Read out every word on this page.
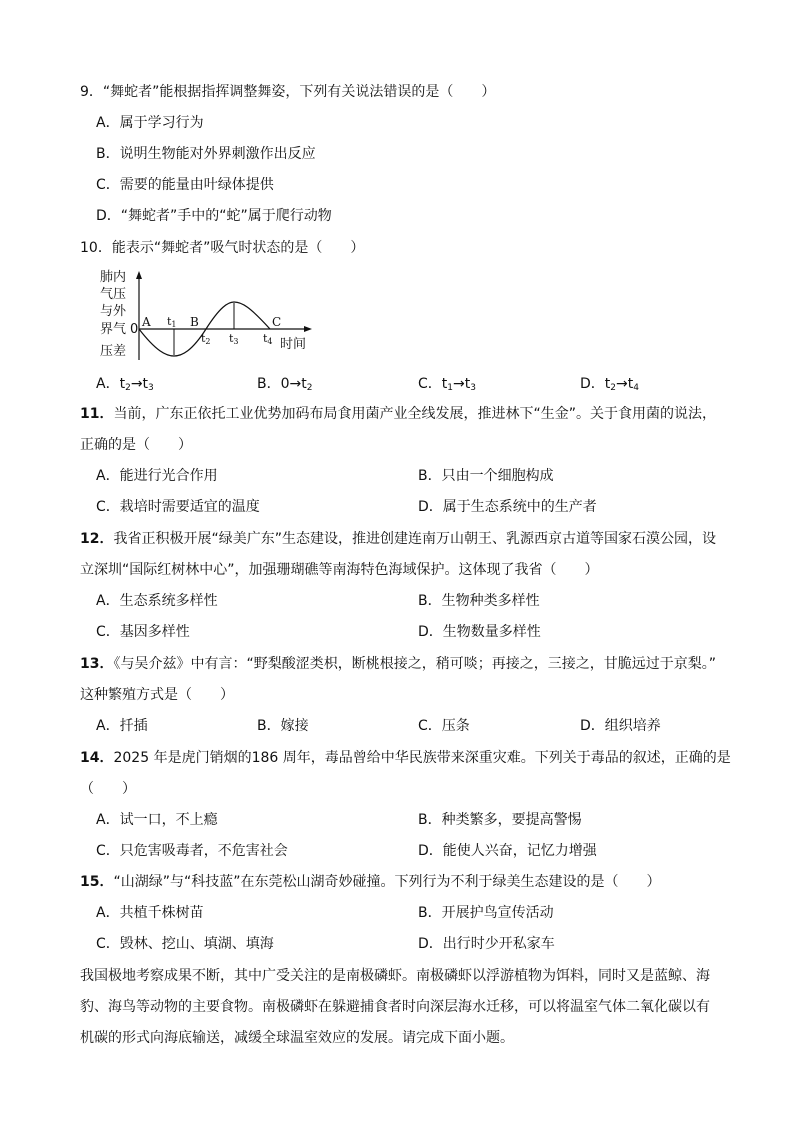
9．“舞蛇者”能根据指挥调整舞姿，下列有关说法错误的是（　　）
A．属于学习行为
B．说明生物能对外界刺激作出反应
C．需要的能量由叶绿体提供
D．“舞蛇者”手中的“蛇”属于爬行动物
10．能表示“舞蛇者”吸气时状态的是（　　）
肺内
气压
与外
界气
压差
0 A	B	C
t1
t2 t3 t4 时间
A．$t_2\to t_3$	B．$0\to t_2$	C．$t_1\to t_3$	D．$t_2\to t_4$
11．当前，广东正依托工业优势加码布局食用菌产业全线发展，推进林下“生金”。关于食用菌的说法，
正确的是（　　）
A．能进行光合作用	B．只由一个细胞构成
C．栽培时需要适宜的温度	D．属于生态系统中的生产者
12．我省正积极开展“绿美广东”生态建设，推进创建连南万山朝王、乳源西京古道等国家石漠公园，设
立深圳“国际红树林中心”，加强珊瑚礁等南海特色海域保护。这体现了我省（　　）
A．生态系统多样性	B．生物种类多样性
C．基因多样性	D．生物数量多样性
13．《与吴介兹》中有言：“野梨酸涩类枳，断桃根接之，稍可啖；再接之，三接之，甘脆远过于京梨。”
这种繁殖方式是（　　）
A．扦插	B．嫁接	C．压条	D．组织培养
14．2025 年是虎门销烟的186 周年，毒品曾给中华民族带来深重灾难。下列关于毒品的叙述，正确的是
（　　）
A．试一口，不上瘾	B．种类繁多，要提高警惕
C．只危害吸毒者，不危害社会	D．能使人兴奋，记忆力增强
15．“山湖绿”与“科技蓝”在东莞松山湖奇妙碰撞。下列行为不利于绿美生态建设的是（　　）
A．共植千株树苗	B．开展护鸟宣传活动
C．毁林、挖山、填湖、填海	D．出行时少开私家车
我国极地考察成果不断，其中广受关注的是南极磷虾。南极磷虾以浮游植物为饵料，同时又是蓝鲸、海
豹、海鸟等动物的主要食物。南极磷虾在躲避捕食者时向深层海水迁移，可以将温室气体二氧化碳以有
机碳的形式向海底输送，减缓全球温室效应的发展。请完成下面小题。
